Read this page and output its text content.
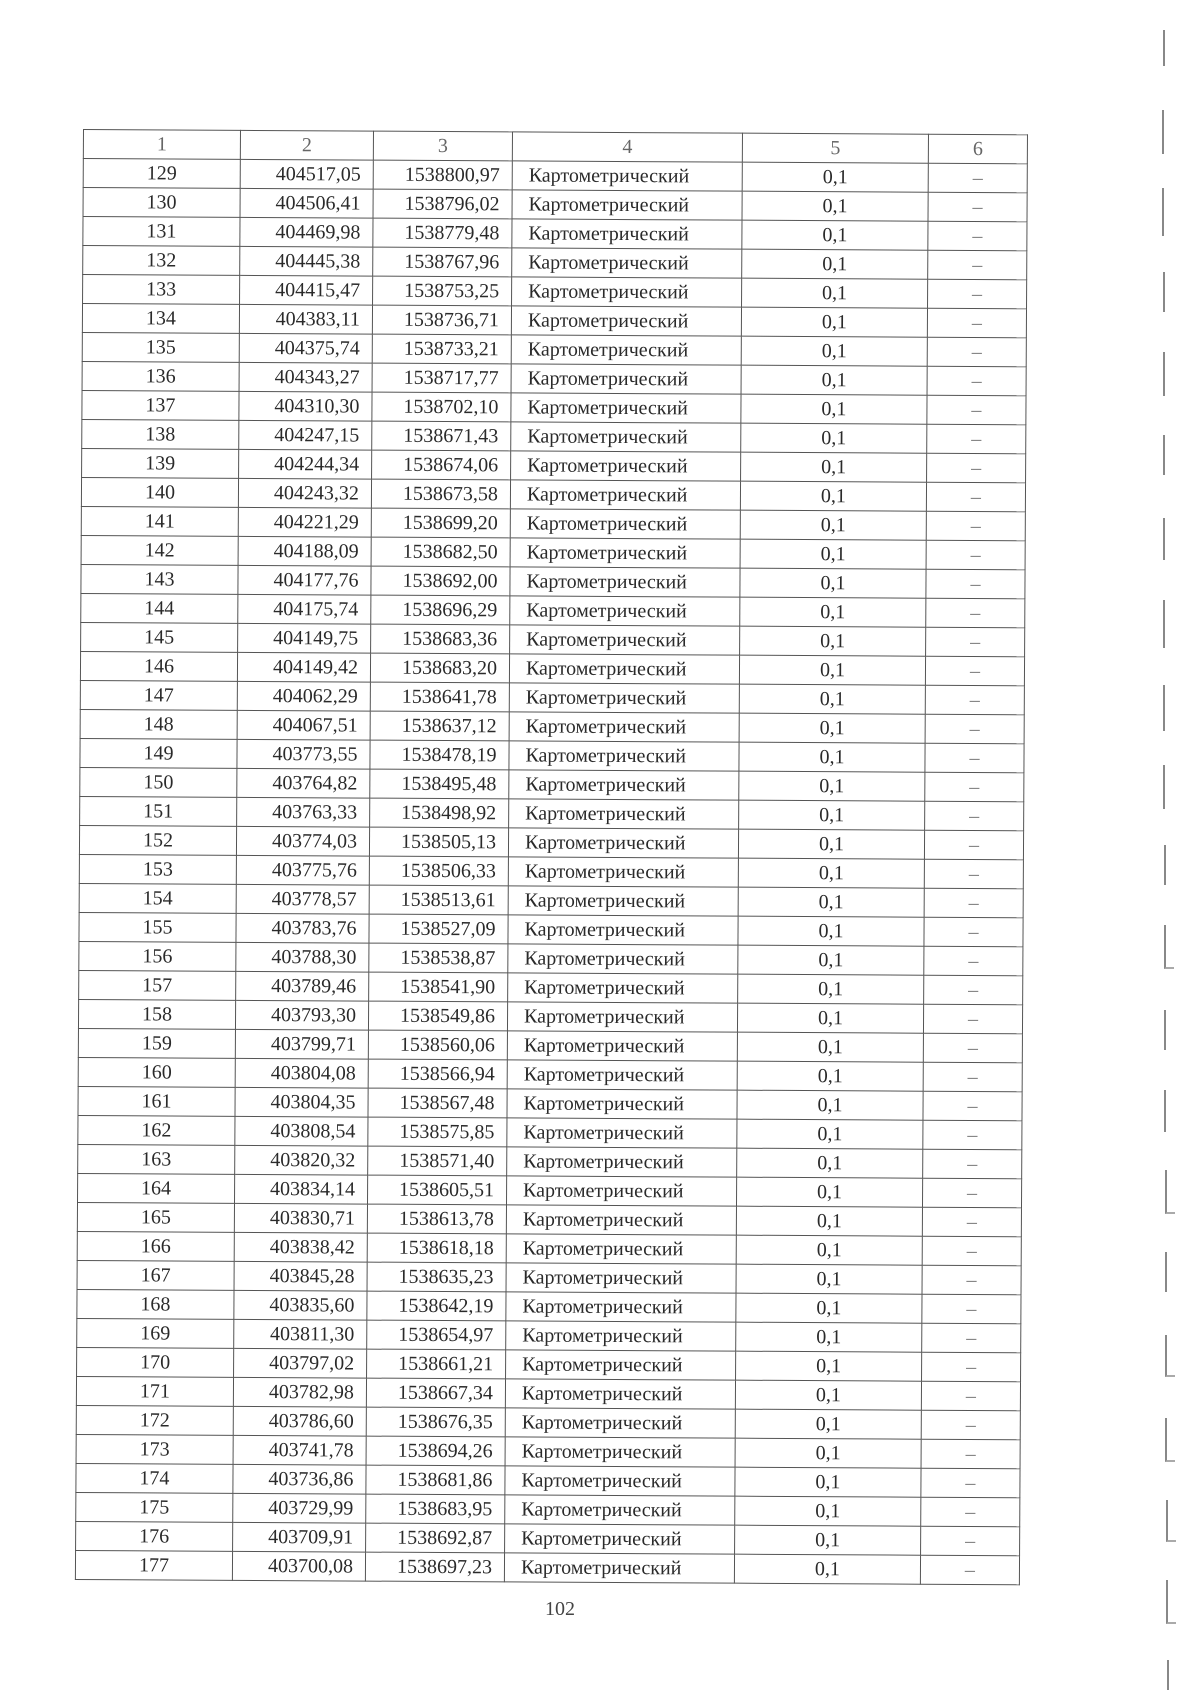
1	2	3	4	5	6
129	404517,05	1538800,97	Картометрический	0,1	–
130	404506,41	1538796,02	Картометрический	0,1	–
131	404469,98	1538779,48	Картометрический	0,1	–
132	404445,38	1538767,96	Картометрический	0,1	–
133	404415,47	1538753,25	Картометрический	0,1	–
134	404383,11	1538736,71	Картометрический	0,1	–
135	404375,74	1538733,21	Картометрический	0,1	–
136	404343,27	1538717,77	Картометрический	0,1	–
137	404310,30	1538702,10	Картометрический	0,1	–
138	404247,15	1538671,43	Картометрический	0,1	–
139	404244,34	1538674,06	Картометрический	0,1	–
140	404243,32	1538673,58	Картометрический	0,1	–
141	404221,29	1538699,20	Картометрический	0,1	–
142	404188,09	1538682,50	Картометрический	0,1	–
143	404177,76	1538692,00	Картометрический	0,1	–
144	404175,74	1538696,29	Картометрический	0,1	–
145	404149,75	1538683,36	Картометрический	0,1	–
146	404149,42	1538683,20	Картометрический	0,1	–
147	404062,29	1538641,78	Картометрический	0,1	–
148	404067,51	1538637,12	Картометрический	0,1	–
149	403773,55	1538478,19	Картометрический	0,1	–
150	403764,82	1538495,48	Картометрический	0,1	–
151	403763,33	1538498,92	Картометрический	0,1	–
152	403774,03	1538505,13	Картометрический	0,1	–
153	403775,76	1538506,33	Картометрический	0,1	–
154	403778,57	1538513,61	Картометрический	0,1	–
155	403783,76	1538527,09	Картометрический	0,1	–
156	403788,30	1538538,87	Картометрический	0,1	–
157	403789,46	1538541,90	Картометрический	0,1	–
158	403793,30	1538549,86	Картометрический	0,1	–
159	403799,71	1538560,06	Картометрический	0,1	–
160	403804,08	1538566,94	Картометрический	0,1	–
161	403804,35	1538567,48	Картометрический	0,1	–
162	403808,54	1538575,85	Картометрический	0,1	–
163	403820,32	1538571,40	Картометрический	0,1	–
164	403834,14	1538605,51	Картометрический	0,1	–
165	403830,71	1538613,78	Картометрический	0,1	–
166	403838,42	1538618,18	Картометрический	0,1	–
167	403845,28	1538635,23	Картометрический	0,1	–
168	403835,60	1538642,19	Картометрический	0,1	–
169	403811,30	1538654,97	Картометрический	0,1	–
170	403797,02	1538661,21	Картометрический	0,1	–
171	403782,98	1538667,34	Картометрический	0,1	–
172	403786,60	1538676,35	Картометрический	0,1	–
173	403741,78	1538694,26	Картометрический	0,1	–
174	403736,86	1538681,86	Картометрический	0,1	–
175	403729,99	1538683,95	Картометрический	0,1	–
176	403709,91	1538692,87	Картометрический	0,1	–
177	403700,08	1538697,23	Картометрический	0,1	–
102
